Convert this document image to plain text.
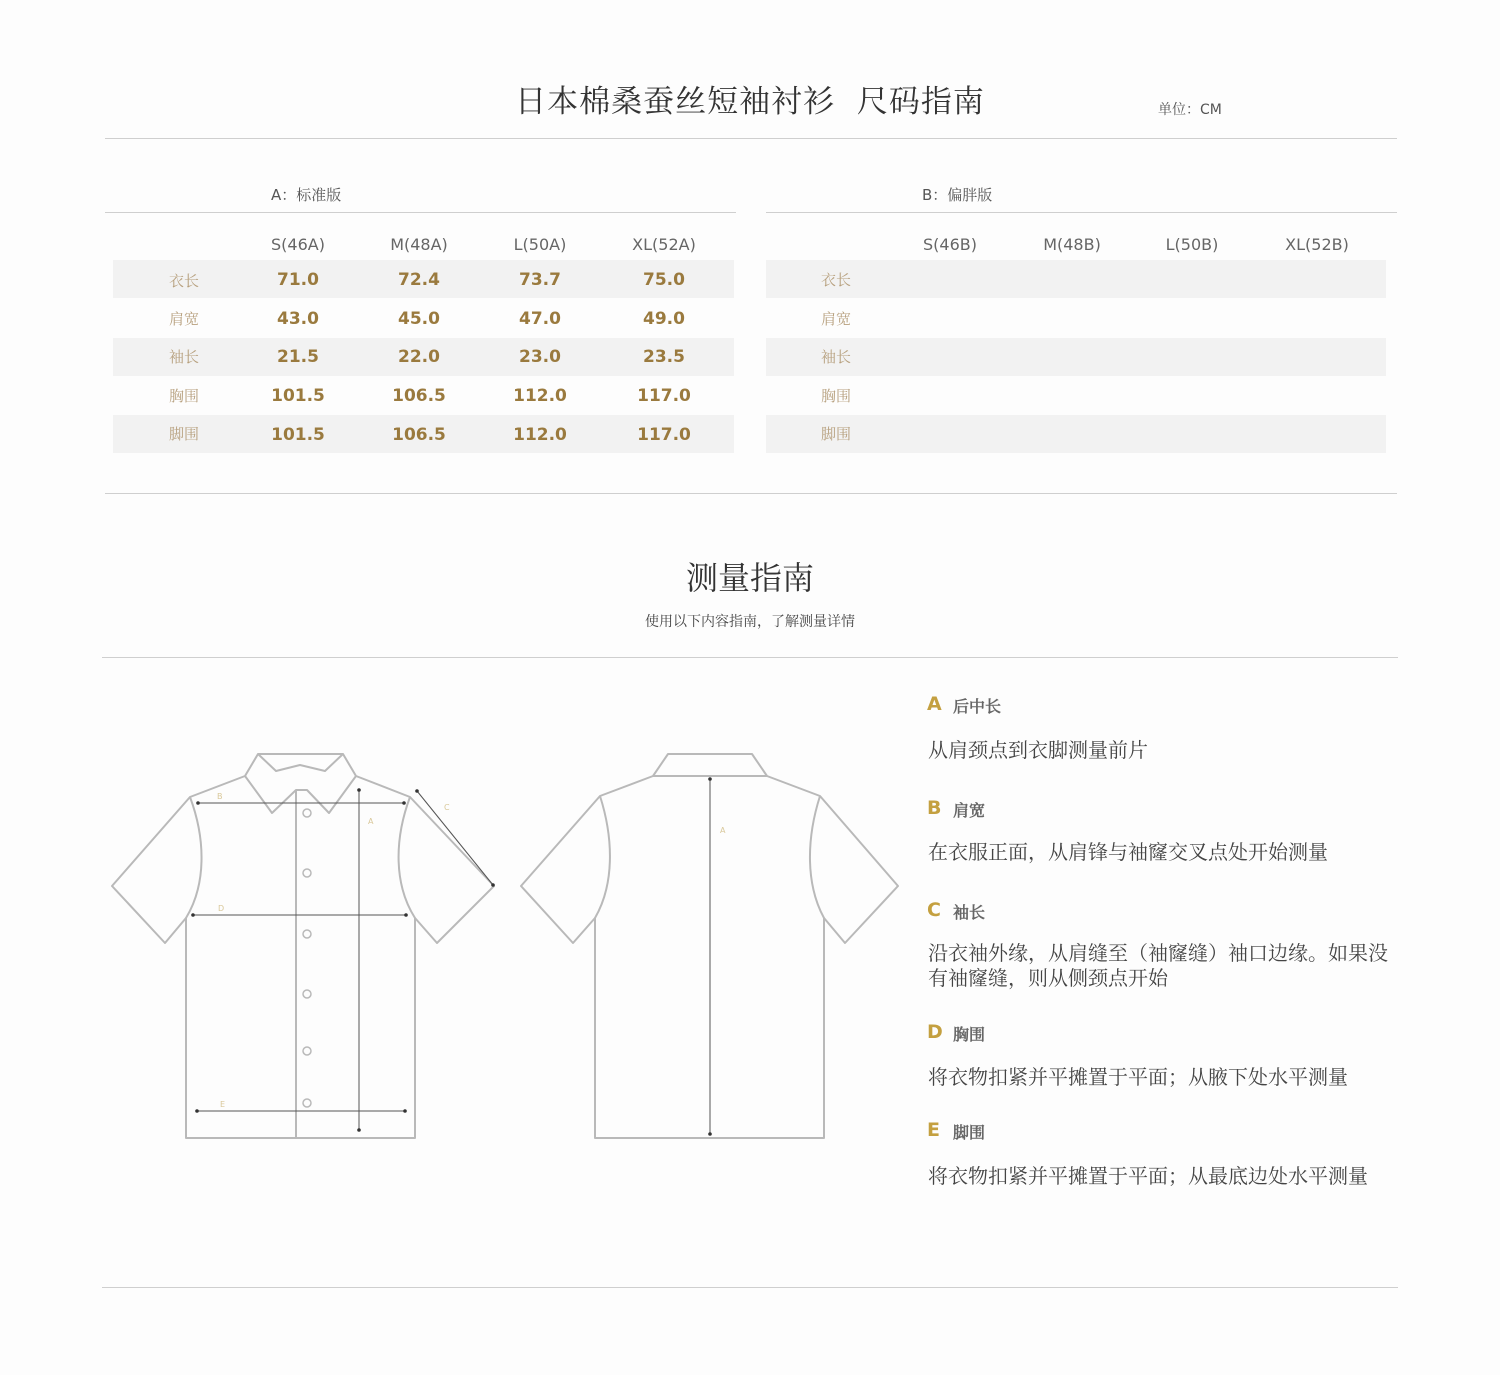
日本棉桑蚕丝短袖衬衫  尺码指南	单位：CM
A：标准版
S(46A)	M(48A)	L(50A)	XL(52A)
衣长	71.0	72.4	73.7	75.0
肩宽	43.0	45.0	47.0	49.0
袖长	21.5	22.0	23.0	23.5
胸围	101.5	106.5	112.0	117.0
脚围	101.5	106.5	112.0	117.0
B：偏胖版
S(46B)	M(48B)	L(50B)	XL(52B)
衣长
肩宽
袖长
胸围
脚围
测量指南
使用以下内容指南，了解测量详情
B
A
C
D
E
A
A 后中长
从肩颈点到衣脚测量前片
B 肩宽
在衣服正面，从肩锋与袖窿交叉点处开始测量
C 袖长
沿衣袖外缘，从肩缝至（袖窿缝）袖口边缘。如果没有袖窿缝，则从侧颈点开始
D 胸围
将衣物扣紧并平摊置于平面；从腋下处水平测量
E 脚围
将衣物扣紧并平摊置于平面；从最底边处水平测量
